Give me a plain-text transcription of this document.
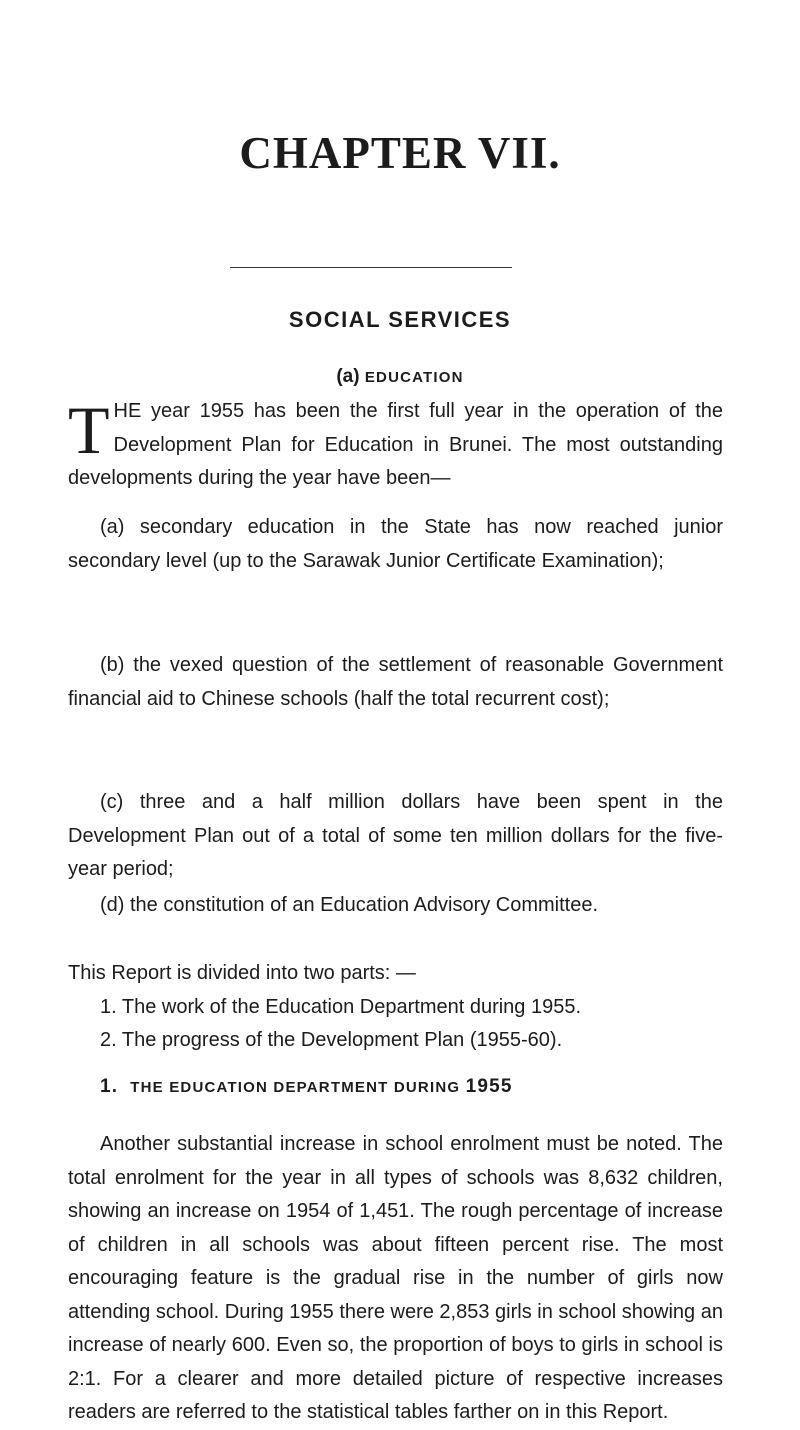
CHAPTER VII.
SOCIAL SERVICES
(a) EDUCATION

THE year 1955 has been the first full year in the operation of the Development Plan for Education in Brunei. The most outstanding developments during the year have been—

(a) secondary education in the State has now reached junior secondary level (up to the Sarawak Junior Certificate Examination);

(b) the vexed question of the settlement of reasonable Government financial aid to Chinese schools (half the total recurrent cost);

(c) three and a half million dollars have been spent in the Development Plan out of a total of some ten million dollars for the five-year period;

(d) the constitution of an Education Advisory Committee.

This Report is divided into two parts: —

1. The work of the Education Department during 1955.

2. The progress of the Development Plan (1955-60).

1. THE EDUCATION DEPARTMENT DURING 1955

Another substantial increase in school enrolment must be noted. The total enrolment for the year in all types of schools was 8,632 children, showing an increase on 1954 of 1,451. The rough percentage of increase of children in all schools was about fifteen percent rise. The most encouraging feature is the gradual rise in the number of girls now attending school. During 1955 there were 2,853 girls in school showing an increase of nearly 600. Even so, the proportion of boys to girls in school is 2:1. For a clearer and more detailed picture of respective increases readers are referred to the statistical tables farther on in this Report.
